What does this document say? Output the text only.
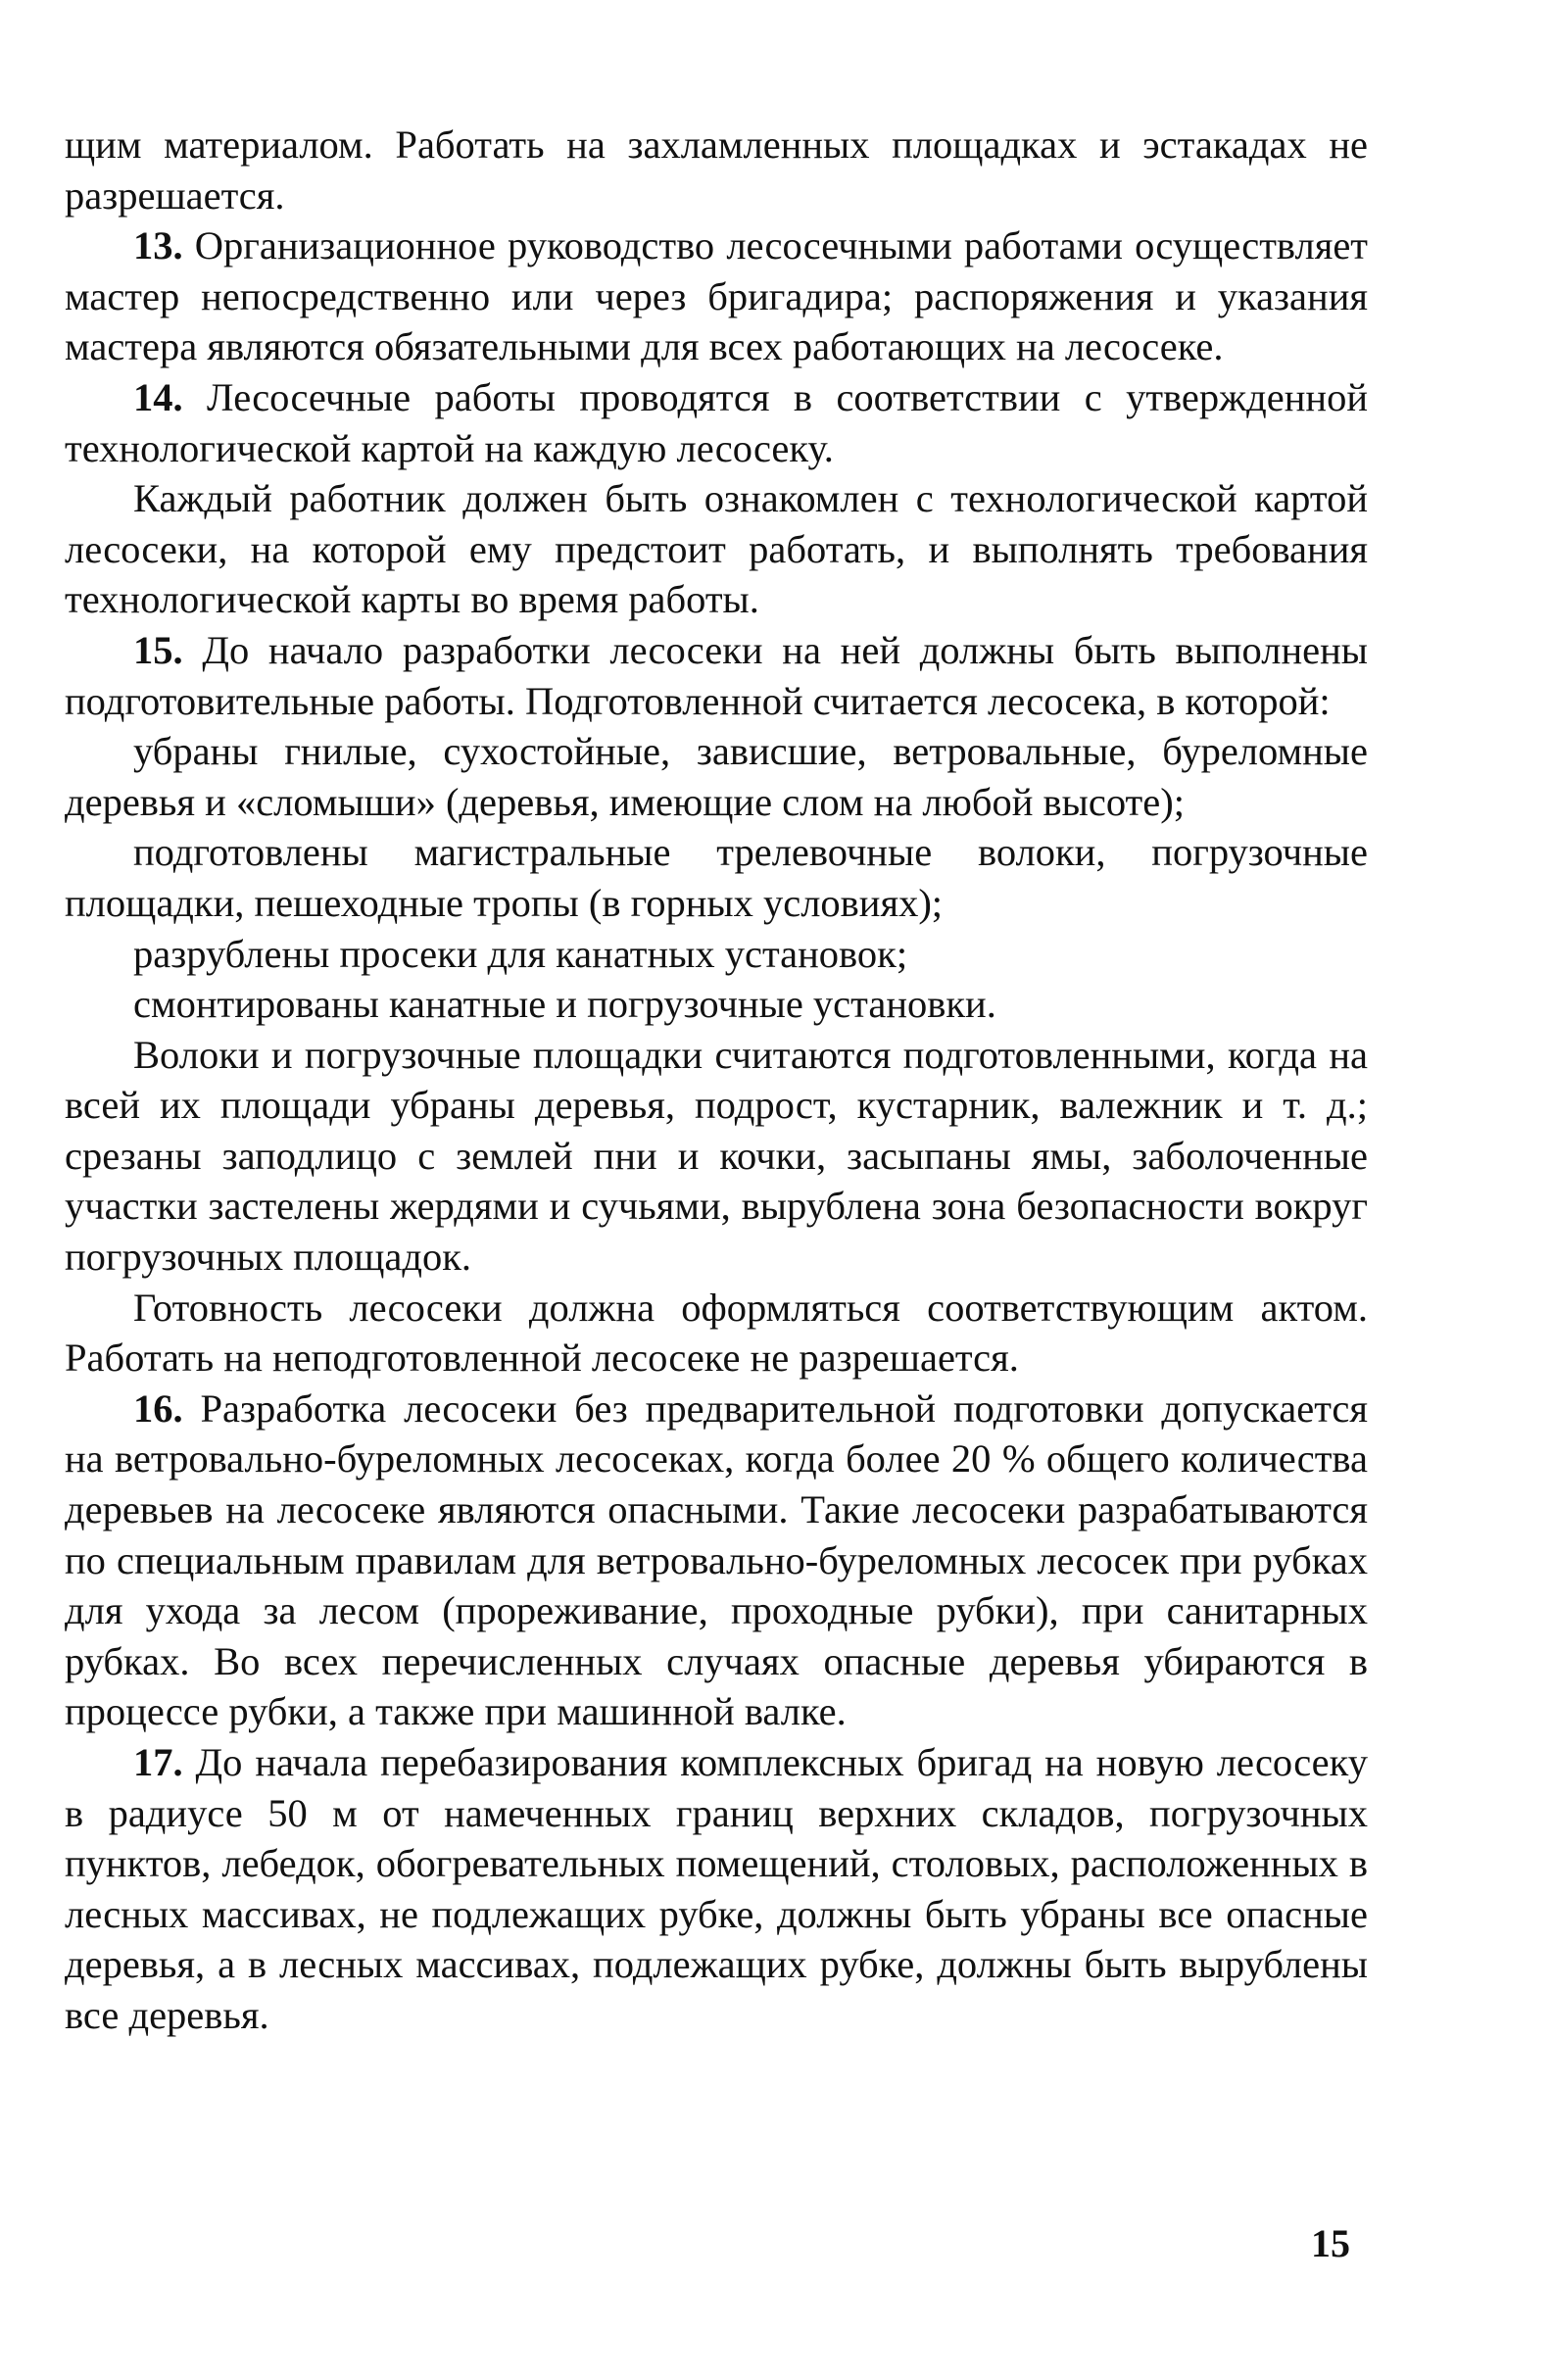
щим материалом. Работать на захламленных площадках и эстакадах не разрешается.

13. Организационное руководство лесосечными работами осуществляет мастер непосредственно или через бригадира; распоряжения и указания мастера являются обязательными для всех работающих на лесосеке.

14. Лесосечные работы проводятся в соответствии с утвержденной технологической картой на каждую лесосеку.

Каждый работник должен быть ознакомлен с технологической картой лесосеки, на которой ему предстоит работать, и выполнять требования технологической карты во время работы.

15. До начало разработки лесосеки на ней должны быть выполнены подготовительные работы. Подготовленной считается лесосека, в которой:

убраны гнилые, сухостойные, зависшие, ветровальные, буреломные деревья и «сломыши» (деревья, имеющие слом на любой высоте);

подготовлены магистральные трелевочные волоки, погрузочные площадки, пешеходные тропы (в горных условиях);

разрублены просеки для канатных установок;

смонтированы канатные и погрузочные установки.

Волоки и погрузочные площадки считаются подготовленными, когда на всей их площади убраны деревья, подрост, кустарник, валежник и т. д.; срезаны заподлицо с землей пни и кочки, засыпаны ямы, заболоченные участки застелены жердями и сучьями, вырублена зона безопасности вокруг погрузочных площадок.

Готовность лесосеки должна оформляться соответствующим актом. Работать на неподготовленной лесосеке не разрешается.

16. Разработка лесосеки без предварительной подготовки допускается на ветровально-буреломных лесосеках, когда более 20 % общего количества деревьев на лесосеке являются опасными. Такие лесосеки разрабатываются по специальным правилам для ветровально-буреломных лесосек при рубках для ухода за лесом (прореживание, проходные рубки), при санитарных рубках. Во всех перечисленных случаях опасные деревья убираются в процессе рубки, а также при машинной валке.

17. До начала перебазирования комплексных бригад на новую лесосеку в радиусе 50 м от намеченных границ верхних складов, погрузочных пунктов, лебедок, обогревательных помещений, столовых, расположенных в лесных массивах, не подлежащих рубке, должны быть убраны все опасные деревья, а в лесных массивах, подлежащих рубке, должны быть вырублены все деревья.

15
